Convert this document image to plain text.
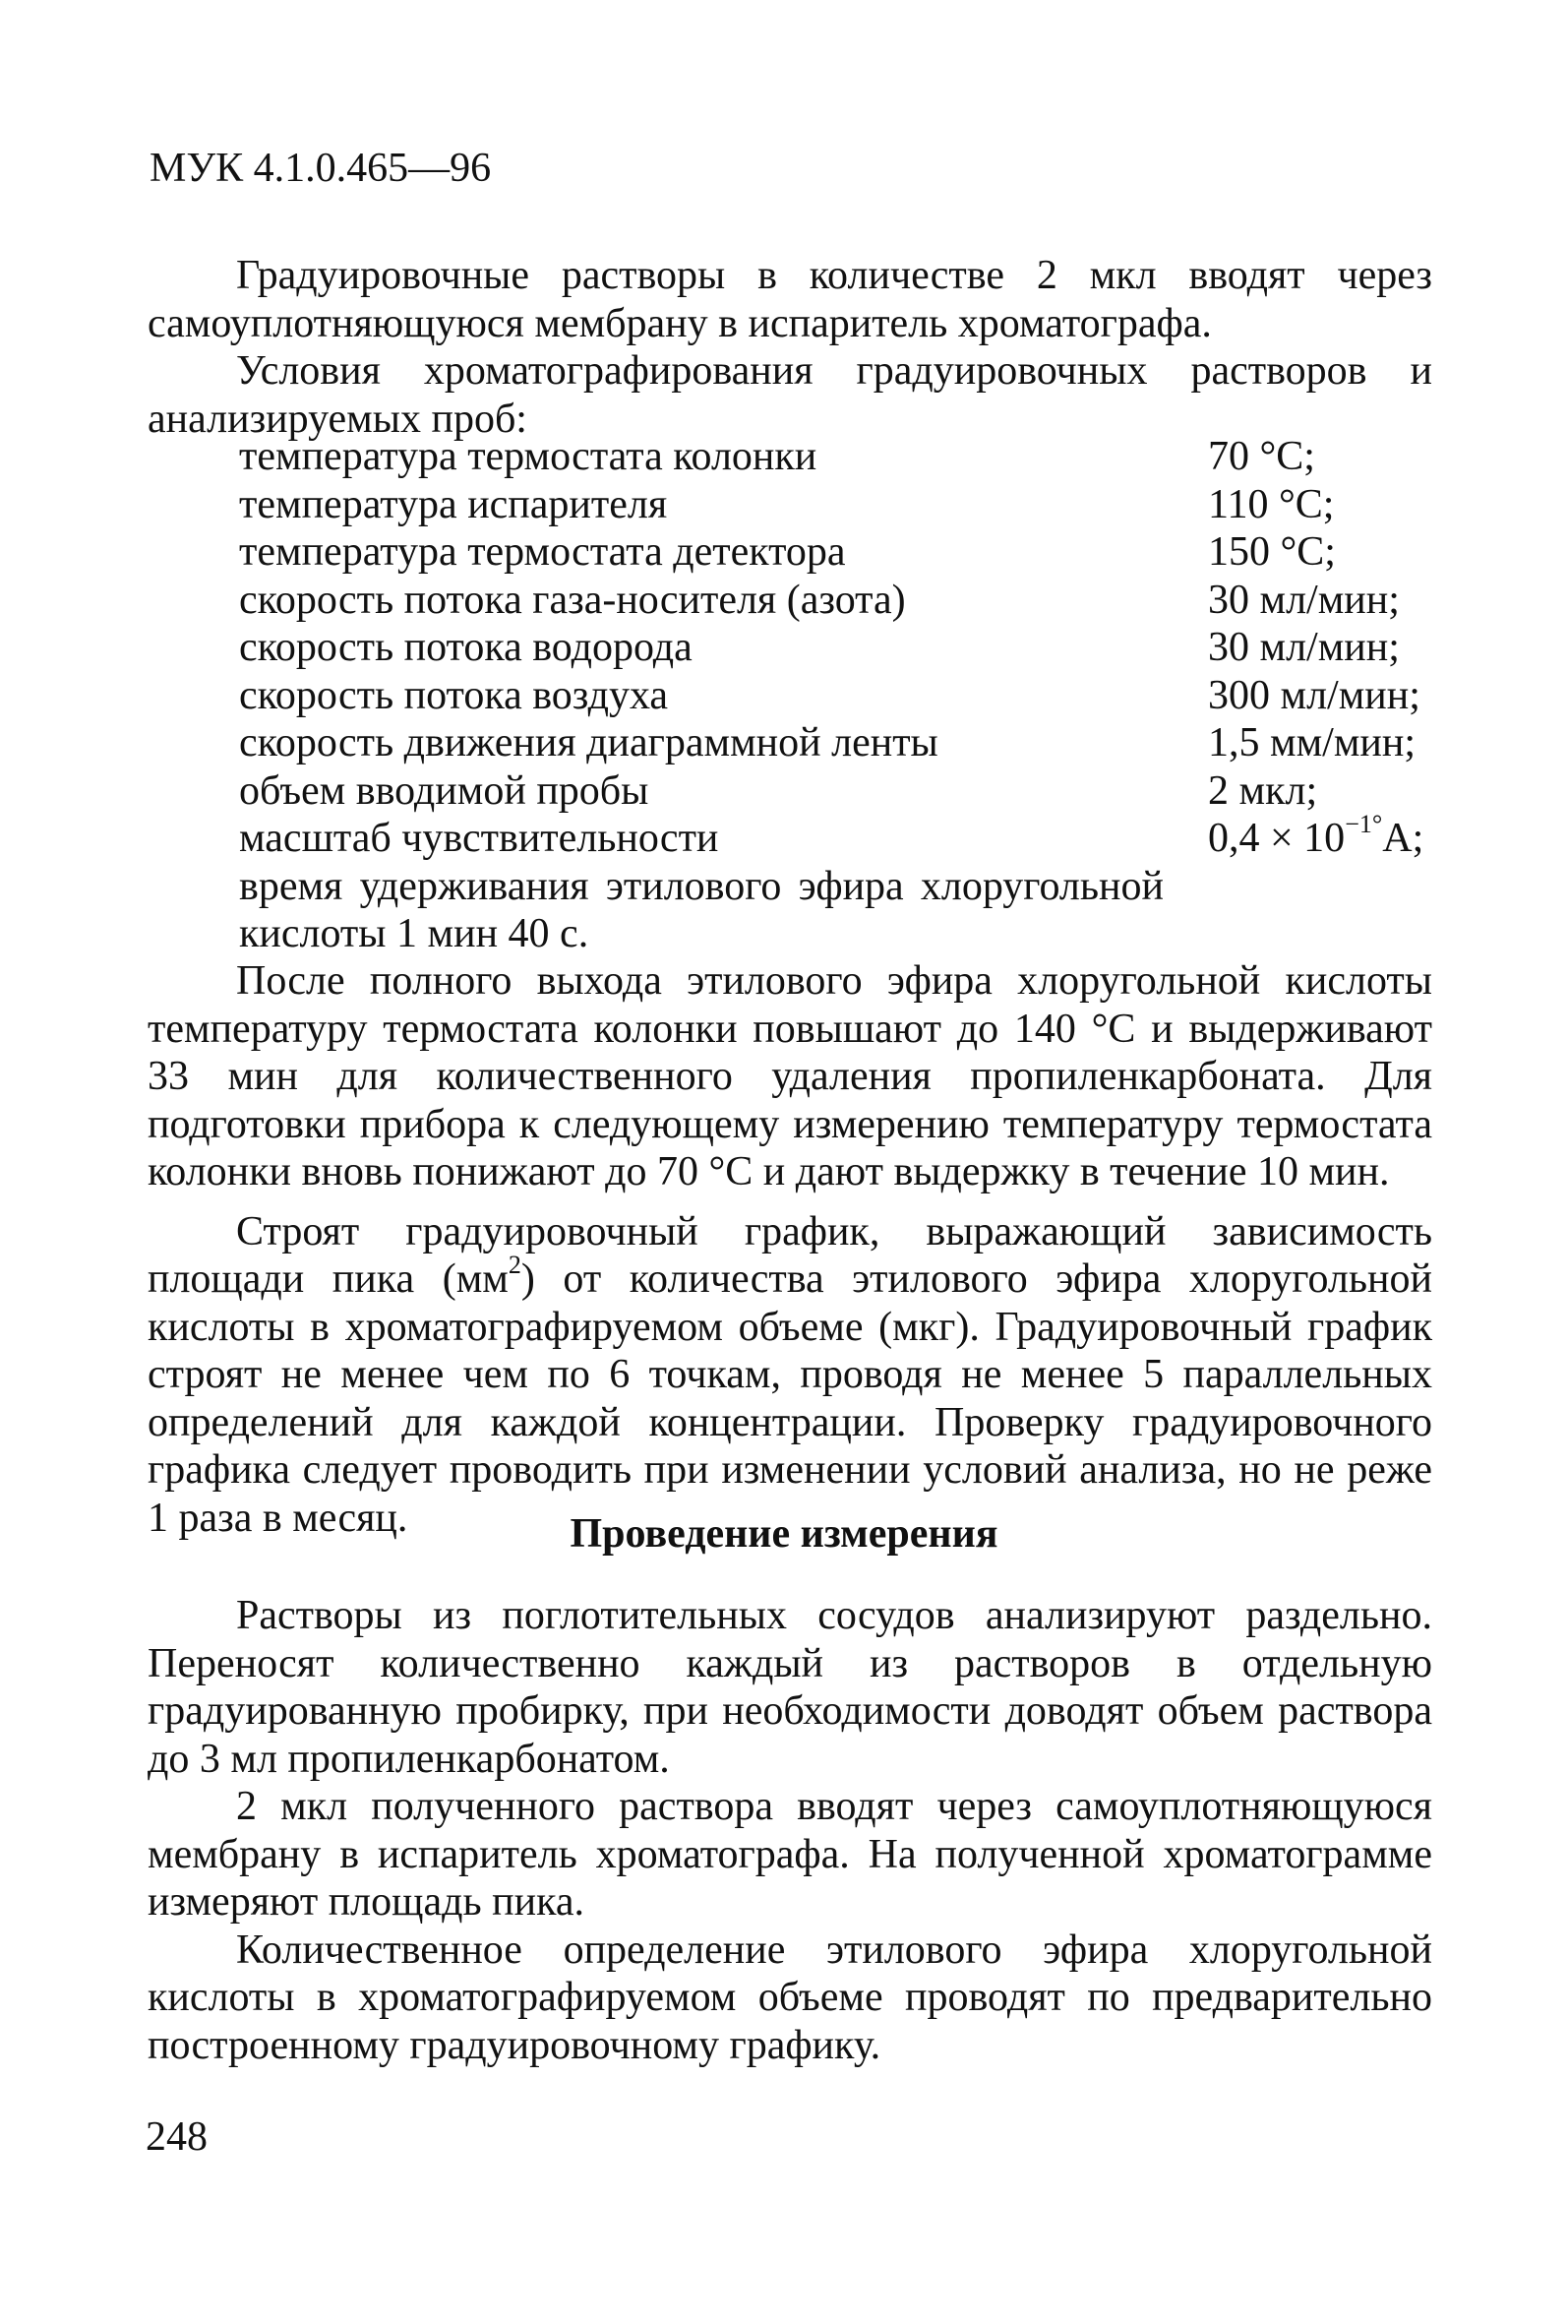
МУК 4.1.0.465—96

Градуировочные растворы в количестве 2 мкл вводят через самоуплотняющуюся мембрану в испаритель хроматографа.

Условия хроматографирования градуировочных растворов и анализируемых проб:

температура термостата колонки	70 °С;
температура испарителя	110 °С;
температура термостата детектора	150 °С;
скорость потока газа-носителя (азота)	30 мл/мин;
скорость потока водорода	30 мл/мин;
скорость потока воздуха	300 мл/мин;
скорость движения диаграммной ленты	1,5 мм/мин;
объем вводимой пробы	2 мкл;
масштаб чувствительности	$0,4 \times 10^{-1^\circ}А$;
время удерживания этилового эфира хлоругольной
кислоты 1 мин 40 с.

После полного выхода этилового эфира хлоругольной кислоты температуру термостата колонки повышают до 140 °С и выдерживают 33 мин для количественного удаления пропиленкарбоната. Для подготовки прибора к следующему измерению температуру термостата колонки вновь понижают до 70 °С и дают выдержку в течение 10 мин.

Строят градуировочный график, выражающий зависимость площади пика $(мм^2)$ от количества этилового эфира хлоругольной кислоты в хроматографируемом объеме (мкг). Градуировочный график строят не менее чем по 6 точкам, проводя не менее 5 параллельных определений для каждой концентрации. Проверку градуировочного графика следует проводить при изменении условий анализа, но не реже 1 раза в месяц.	Проведение измерения

Растворы из поглотительных сосудов анализируют раздельно. Переносят количественно каждый из растворов в отдельную градуированную пробирку, при необходимости доводят объем раствора до 3 мл пропиленкарбонатом.

2 мкл полученного раствора вводят через самоуплотняющуюся мембрану в испаритель хроматографа. На полученной хроматограмме измеряют площадь пика.

Количественное определение этилового эфира хлоругольной кислоты в хроматографируемом объеме проводят по предварительно построенному градуировочному графику.

248
